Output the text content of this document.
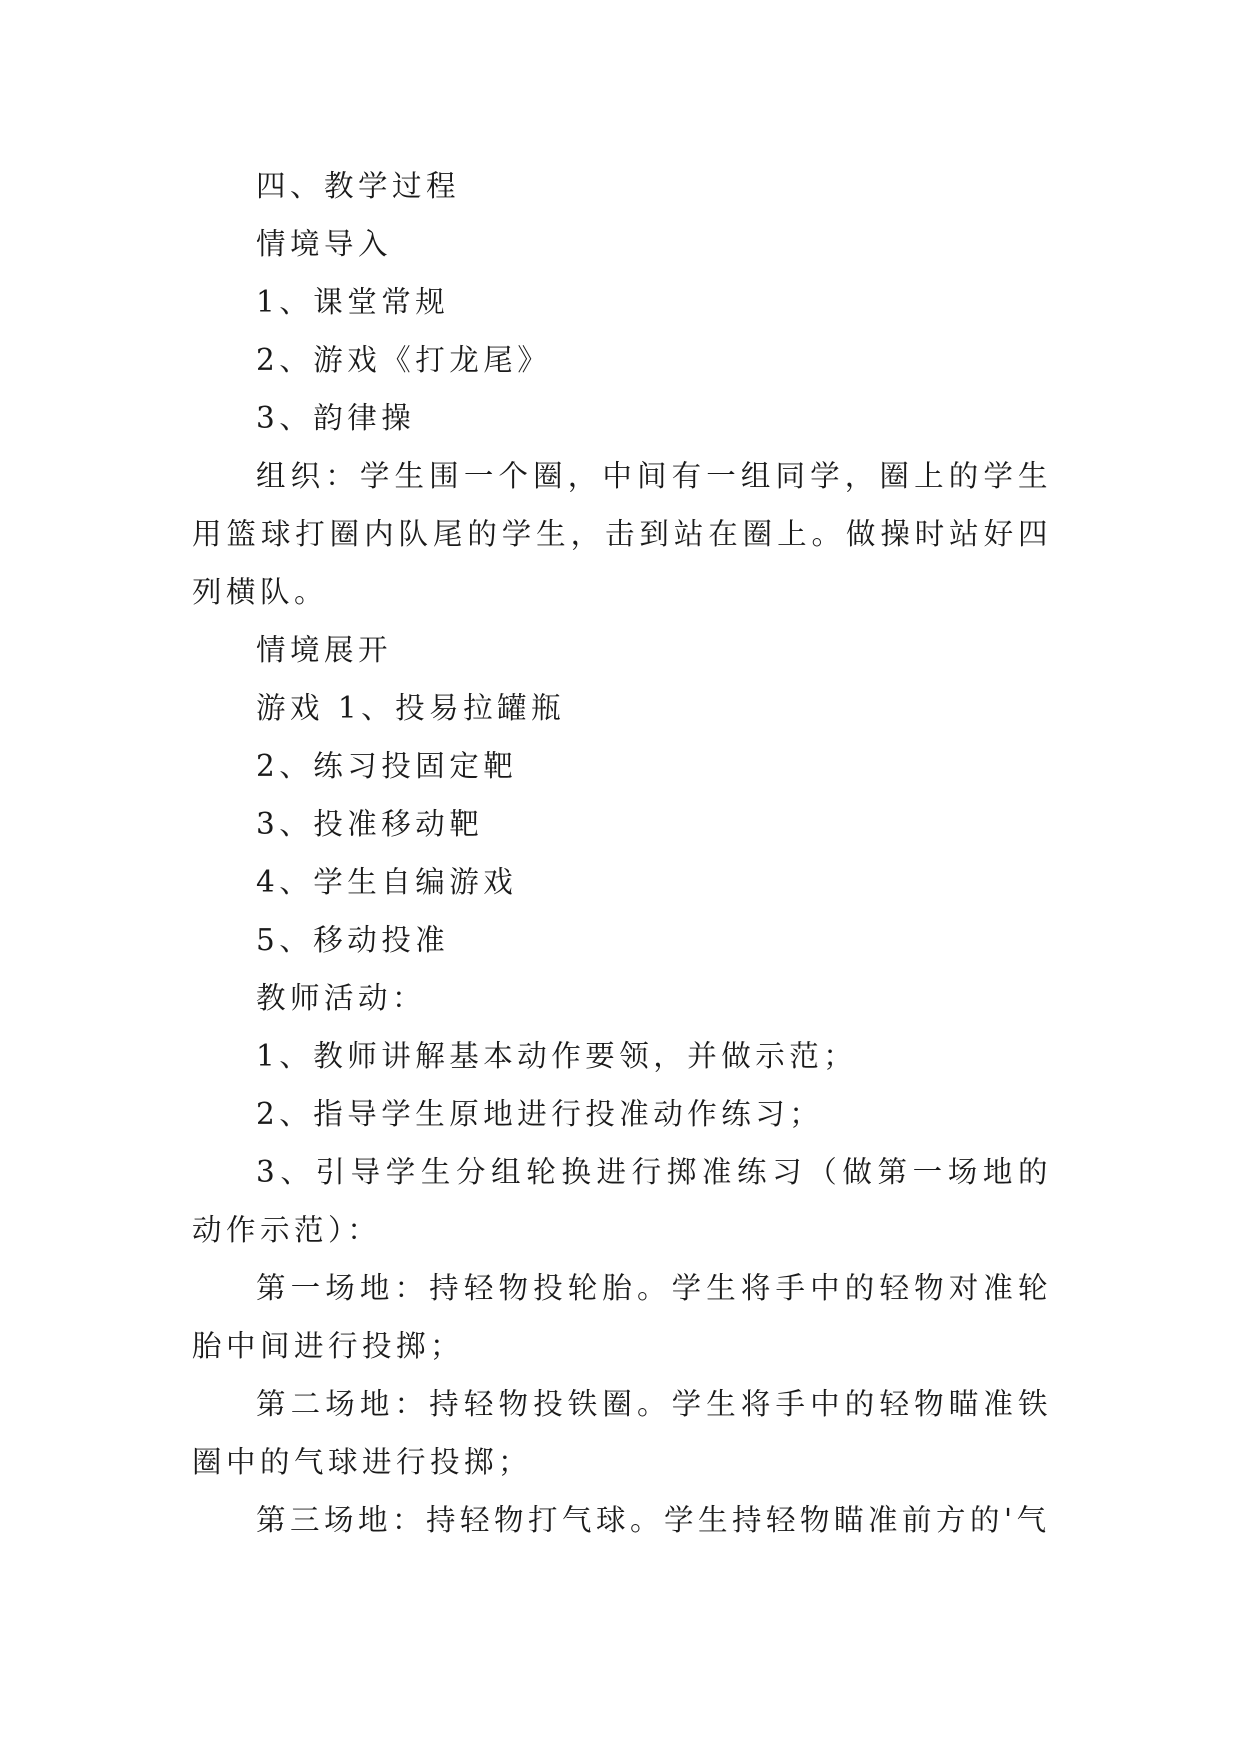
四、教学过程

情境导入

1、课堂常规

2、游戏《打龙尾》

3、韵律操

组织：学生围一个圈，中间有一组同学，圈上的学生用篮球打圈内队尾的学生，击到站在圈上。做操时站好四列横队。

情境展开

游戏 1、投易拉罐瓶

2、练习投固定靶

3、投准移动靶

4、学生自编游戏

5、移动投准

教师活动：

1、教师讲解基本动作要领，并做示范；

2、指导学生原地进行投准动作练习；

3、引导学生分组轮换进行掷准练习（做第一场地的动作示范）：

第一场地：持轻物投轮胎。学生将手中的轻物对准轮胎中间进行投掷；

第二场地：持轻物投铁圈。学生将手中的轻物瞄准铁圈中的气球进行投掷；

第三场地：持轻物打气球。学生持轻物瞄准前方的'气
